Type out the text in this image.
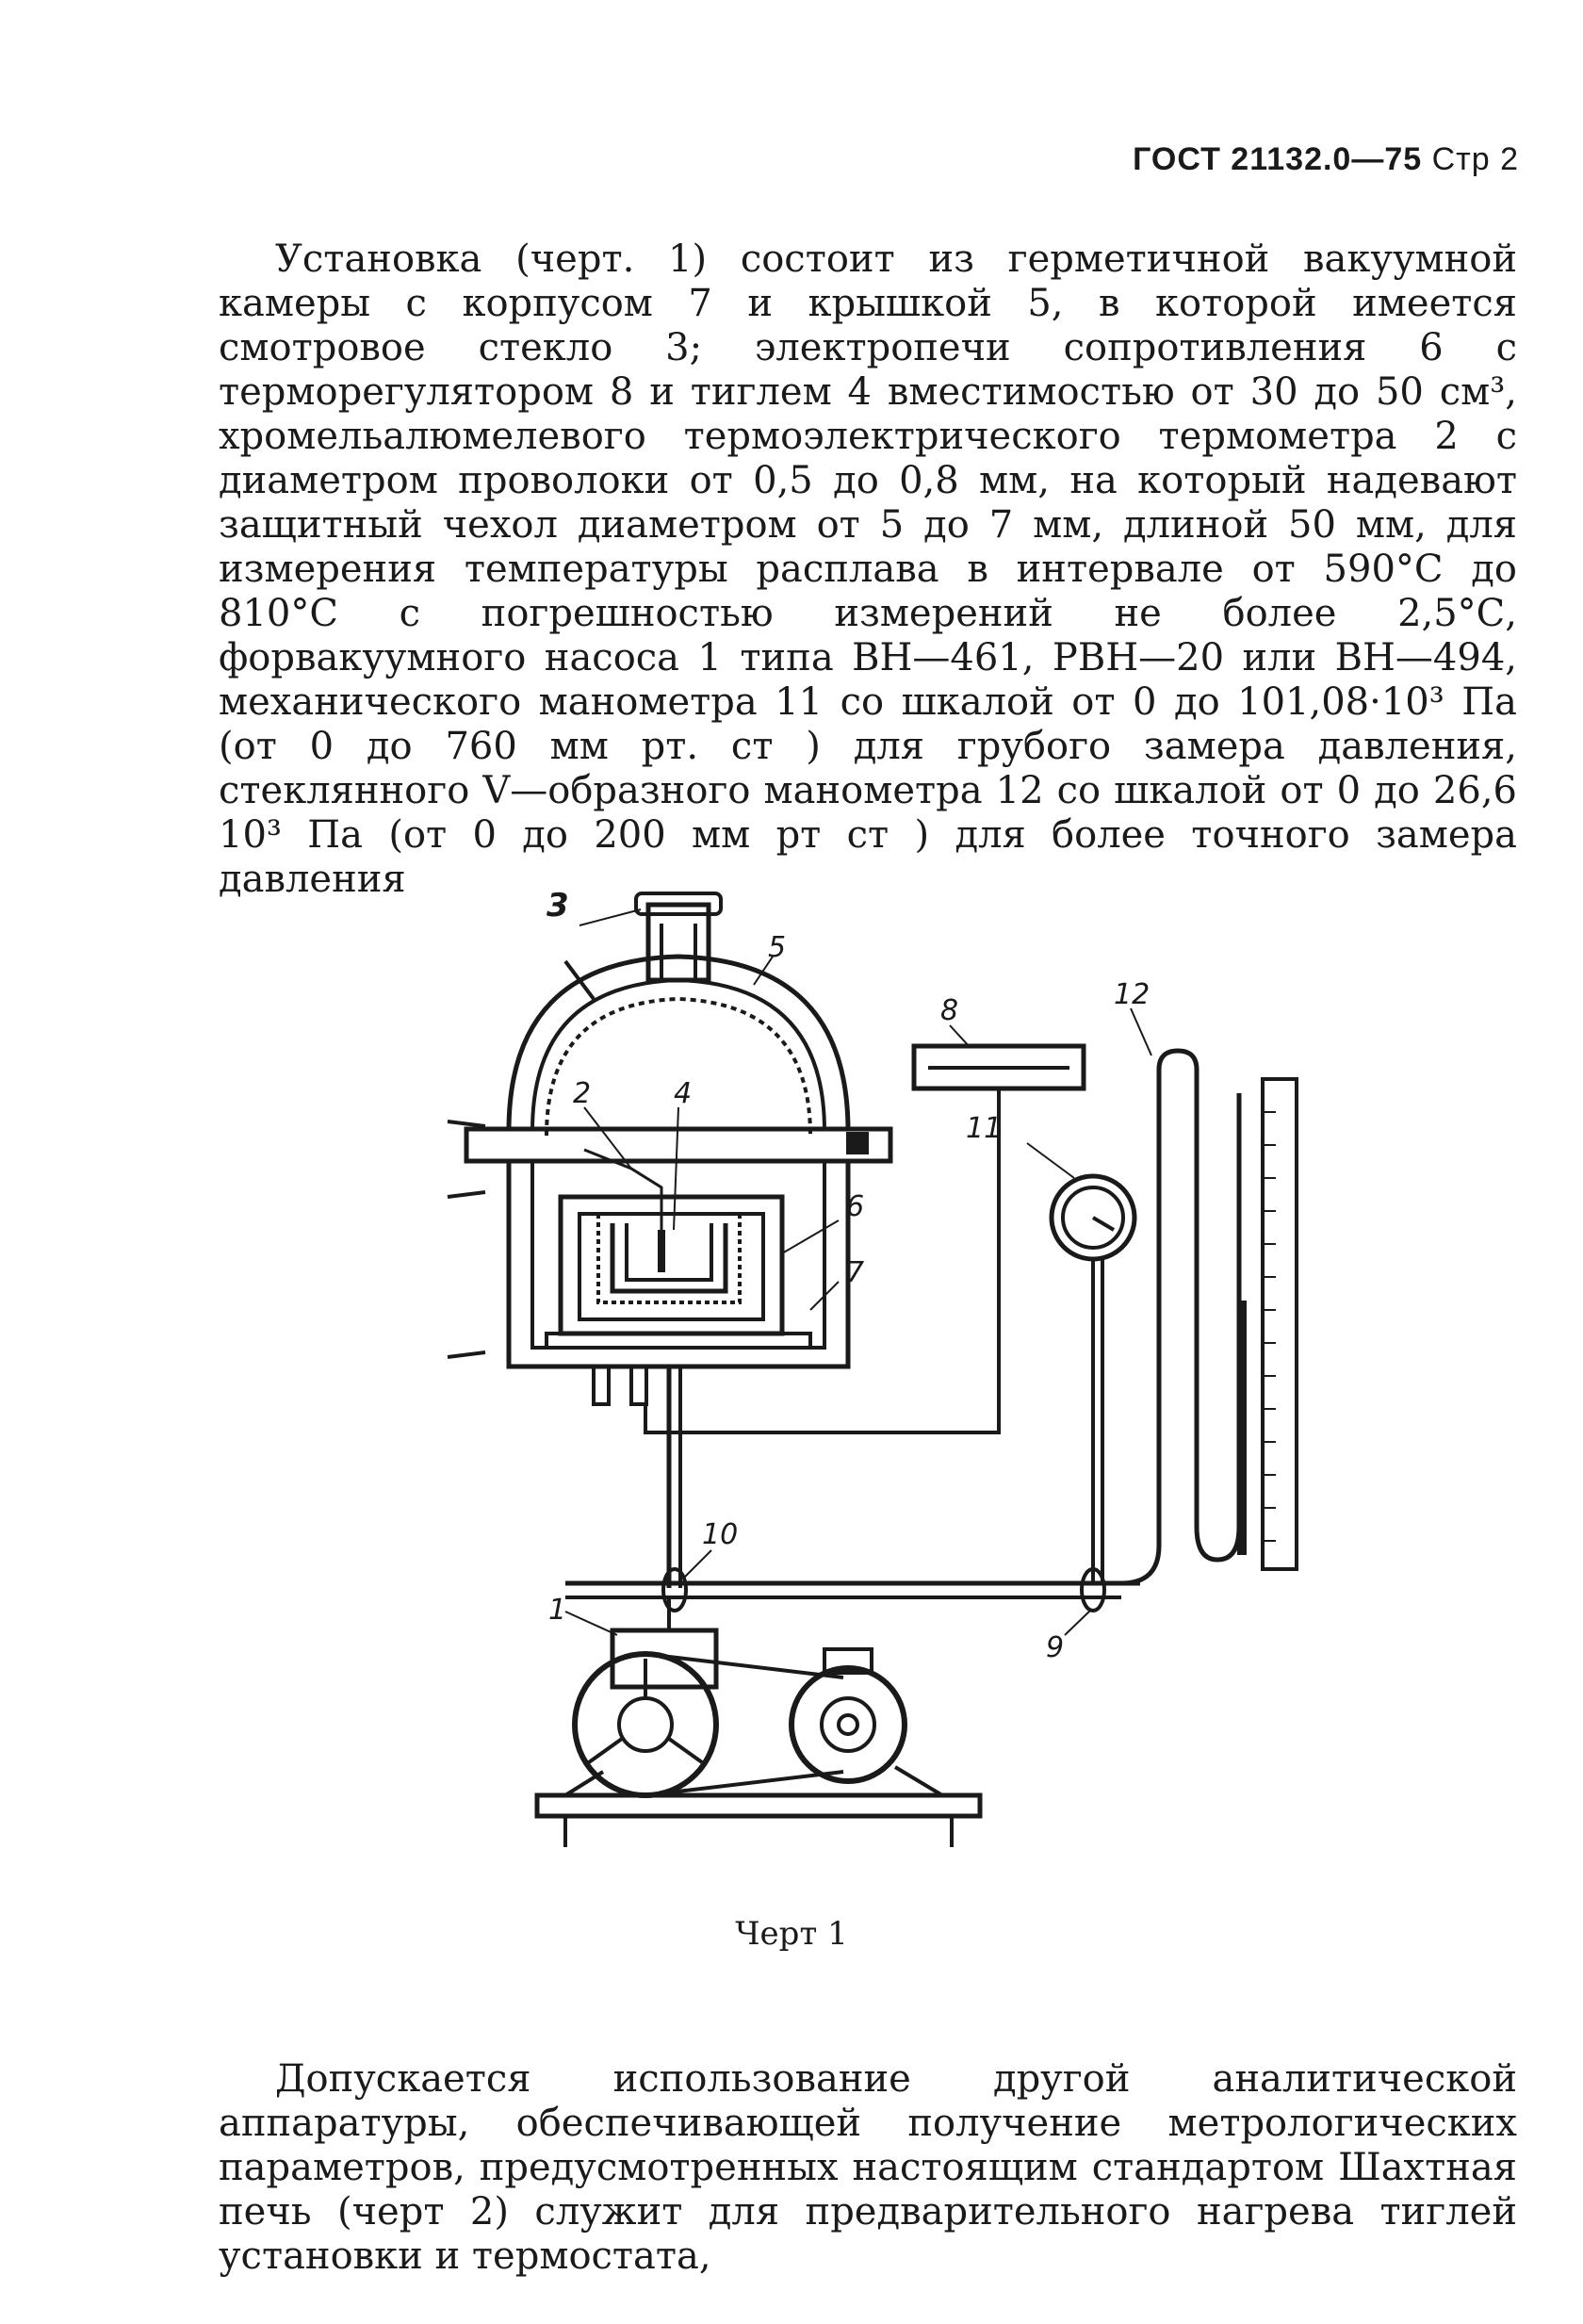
ГОСТ 21132.0—75 Стр 2

Установка (черт. 1) состоит из герметичной вакуумной камеры с корпусом 7 и крышкой 5, в которой имеется смотровое стекло 3; электропечи сопротивления 6 с терморегулятором 8 и тиглем 4 вместимостью от 30 до 50 см³, хромельалюмелевого термоэлектрического термометра 2 с диаметром проволоки от 0,5 до 0,8 мм, на который надевают защитный чехол диаметром от 5 до 7 мм, длиной 50 мм, для измерения температуры расплава в интервале от 590°С до 810°С с погрешностью измерений не более 2,5°С, форвакуумного насоса 1 типа ВН—461, РВН—20 или ВН—494, механического манометра 11 со шкалой от 0 до 101,08·10³ Па (от 0 до 760 мм рт. ст ) для грубого замера давления, стеклянного V—образного манометра 12 со шкалой от 0 до 26,6 10³ Па (от 0 до 200 мм рт ст ) для более точного замера давления

3
5
8	12
11
2	4
6
7
10
9
1
Черт 1

Допускается использование другой аналитической аппаратуры, обеспечивающей получение метрологических параметров, предусмотренных настоящим стандартом Шахтная печь (черт 2) служит для предварительного нагрева тиглей установки и термостата,
